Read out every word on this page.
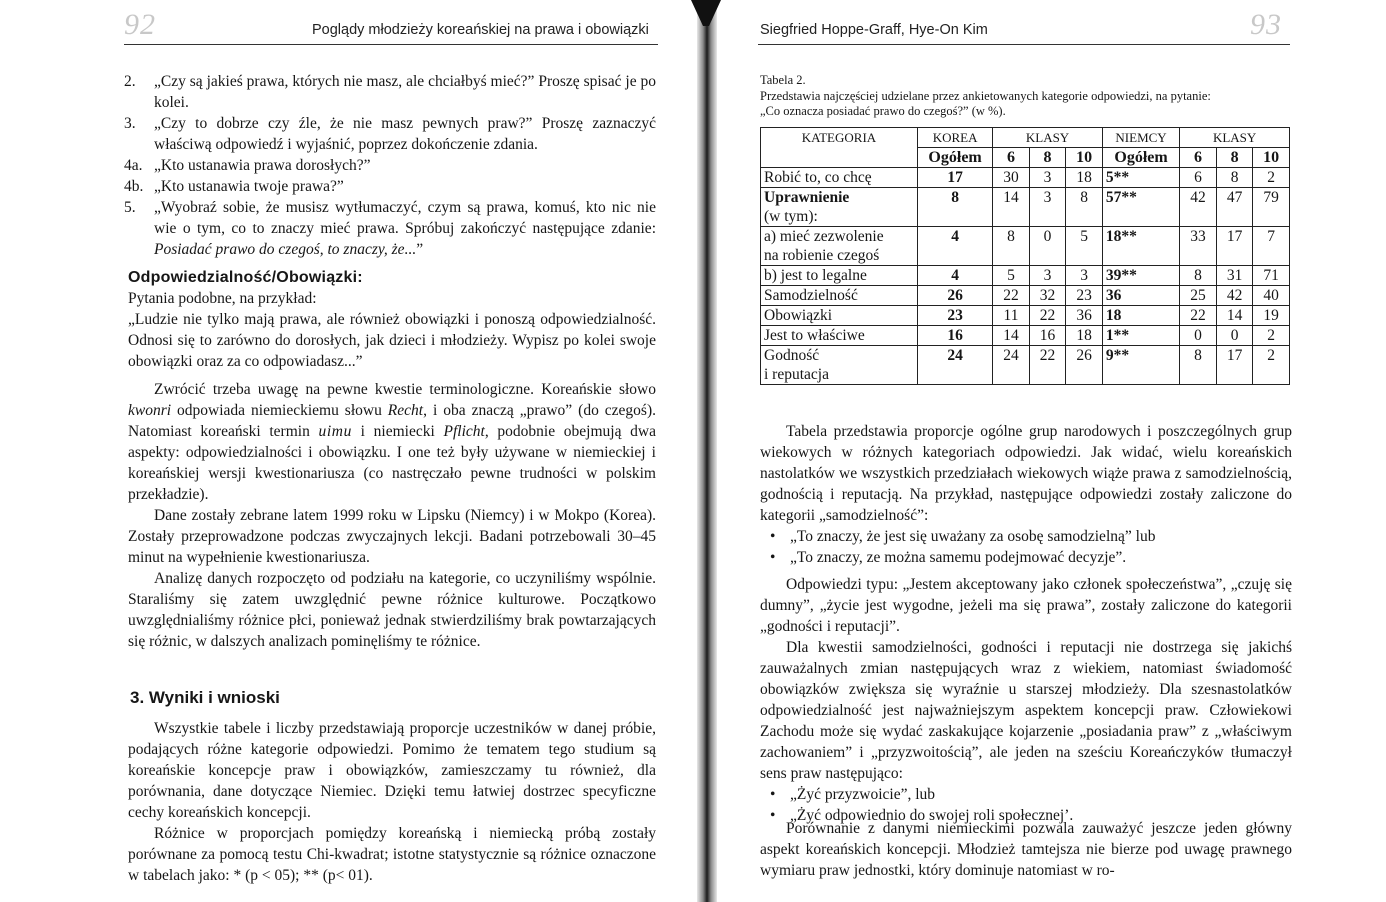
92	Poglądy młodzieży koreańskiej na prawa i obowiązki

2. „Czy są jakieś prawa, których nie masz, ale chciałbyś mieć?” Proszę spisać je po kolei.

3. „Czy to dobrze czy źle, że nie masz pewnych praw?” Proszę zaznaczyć właściwą odpowiedź i wyjaśnić, poprzez dokończenie zdania.

4a. „Kto ustanawia prawa dorosłych?”

4b. „Kto ustanawia twoje prawa?”

5. „Wyobraź sobie, że musisz wytłumaczyć, czym są prawa, komuś, kto nic nie wie o tym, co to znaczy mieć prawa. Spróbuj zakończyć następujące zdanie: Posiadać prawo do czegoś, to znaczy, że...”

Odpowiedzialność/Obowiązki:

Pytania podobne, na przykład:

„Ludzie nie tylko mają prawa, ale również obowiązki i ponoszą odpowiedzialność. Odnosi się to zarówno do dorosłych, jak dzieci i młodzieży. Wypisz po kolei swoje obowiązki oraz za co odpowiadasz...”

Zwrócić trzeba uwagę na pewne kwestie terminologiczne. Koreańskie słowo kwonri odpowiada niemieckiemu słowu Recht, i oba znaczą „prawo” (do czegoś). Natomiast koreański termin uimu i niemiecki Pflicht, podobnie obejmują dwa aspekty: odpowiedzialności i obowiązku. I one też były używane w niemieckiej i koreańskiej wersji kwestionariusza (co nastręczało pewne trudności w polskim przekładzie).

Dane zostały zebrane latem 1999 roku w Lipsku (Niemcy) i w Mokpo (Korea). Zostały przeprowadzone podczas zwyczajnych lekcji. Badani potrzebowali 30–45 minut na wypełnienie kwestionariusza.

Analizę danych rozpoczęto od podziału na kategorie, co uczyniliśmy wspólnie. Staraliśmy się zatem uwzględnić pewne różnice kulturowe. Początkowo uwzględnialiśmy różnice płci, ponieważ jednak stwierdziliśmy brak powtarzających się różnic, w dalszych analizach pominęliśmy te różnice.

3. Wyniki i wnioski

Wszystkie tabele i liczby przedstawiają proporcje uczestników w danej próbie, podających różne kategorie odpowiedzi. Pomimo że tematem tego studium są koreańskie koncepcje praw i obowiązków, zamieszczamy tu również, dla porównania, dane dotyczące Niemiec. Dzięki temu łatwiej dostrzec specyficzne cechy koreańskich koncepcji.

Różnice w proporcjach pomiędzy koreańską i niemiecką próbą zostały porównane za pomocą testu Chi-kwadrat; istotne statystycznie są różnice oznaczone w tabelach jako: * (p < 05); ** (p< 01).

Siegfried Hoppe-Graff, Hye-On Kim	93
Tabela 2.
Przedstawia najczęściej udzielane przez ankietowanych kategorie odpowiedzi, na pytanie:
„Co oznacza posiadać prawo do czegoś?” (w %).
KATEGORIA	KOREA	KLASY			NIEMCY	KLASY		
	Ogółem	6	8	10	Ogółem	6	8	10
Robić to, co chcę	17	30	3	18	5**	6	8	2

Uprawnienie
(w tym):	8	14	3	8	57**	42	47	79

a) mieć zezwolenie
na robienie czegoś	4	8	0	5	18**	33	17	7
b) jest to legalne	4	5	3	3	39**	8	31	71
Samodzielność	26	22	32	23	36	25	42	40
Obowiązki	23	11	22	36	18	22	14	19
Jest to właściwe	16	14	16	18	1**	0	0	2

Godność
i reputacja	24	24	22	26	9**	8	17	2

Tabela przedstawia proporcje ogólne grup narodowych i poszczególnych grup wiekowych w różnych kategoriach odpowiedzi. Jak widać, wielu koreańskich nastolatków we wszystkich przedziałach wiekowych wiąże prawa z samodzielnością, godnością i reputacją. Na przykład, następujące odpowiedzi zostały zaliczone do kategorii „samodzielność”:

• „To znaczy, że jest się uważany za osobę samodzielną” lub

• „To znaczy, ze można samemu podejmować decyzje”.

Odpowiedzi typu: „Jestem akceptowany jako członek społeczeństwa”, „czuję się dumny”, „życie jest wygodne, jeżeli ma się prawa”, zostały zaliczone do kategorii „godności i reputacji”.

Dla kwestii samodzielności, godności i reputacji nie dostrzega się jakichś zauważalnych zmian następujących wraz z wiekiem, natomiast świadomość obowiązków zwiększa się wyraźnie u starszej młodzieży. Dla szesnastolatków odpowiedzialność jest najważniejszym aspektem koncepcji praw. Człowiekowi Zachodu może się wydać zaskakujące kojarzenie „posiadania praw” z „właściwym zachowaniem” i „przyzwoitością”, ale jeden na sześciu Koreańczyków tłumaczył sens praw następująco:

• „Żyć przyzwoicie”, lub

• „Żyć odpowiednio do swojej roli społecznej’.

Porównanie z danymi niemieckimi pozwala zauważyć jeszcze jeden główny aspekt koreańskich koncepcji. Młodzież tamtejsza nie bierze pod uwagę prawnego wymiaru praw jednostki, który dominuje natomiast w ro-
